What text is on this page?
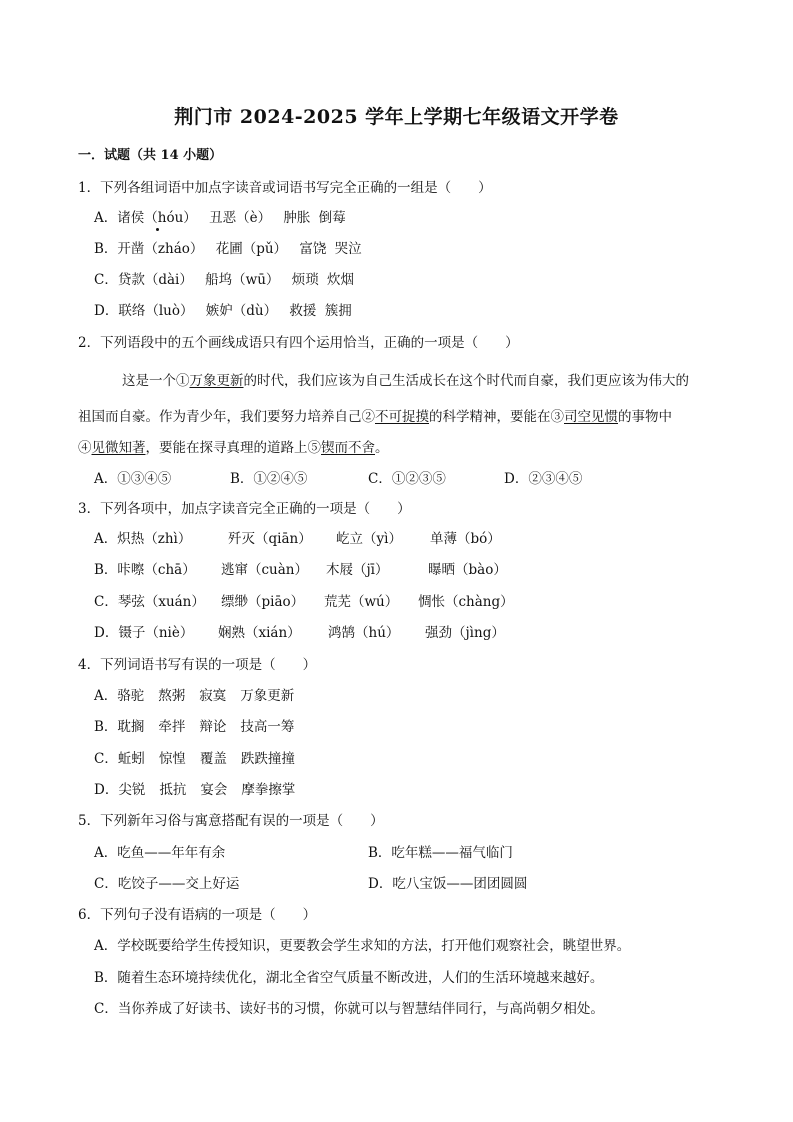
荆门市 2024-2025 学年上学期七年级语文开学卷
一．试题（共 14 小题）
1．下列各组词语中加点字读音或词语书写完全正确的一组是（　　）
A．诸侯（hóu） 丑恶（è） 肿胀 倒莓
B．开凿（zháo） 花圃（pǔ） 富饶 哭泣
C．贷款（dài） 船坞（wū） 烦琐 炊烟
D．联络（luò） 嫉妒（dù） 救援 簇拥
2．下列语段中的五个画线成语只有四个运用恰当，正确的一项是（　　）
这是一个①万象更新的时代，我们应该为自己生活成长在这个时代而自豪，我们更应该为伟大的
祖国而自豪。作为青少年，我们要努力培养自己②不可捉摸的科学精神，要能在③司空见惯的事物中
④见微知著，要能在探寻真理的道路上⑤锲而不舍。
A．①③④⑤	B．①②④⑤	C．①②③⑤	D．②③④⑤
3．下列各项中，加点字读音完全正确的一项是（　　）
A．炽热（zhì）	歼灭（qiān） 屹立（yì） 单薄（bó）
B．咔嚓（chā） 逃窜（cuàn） 木屐（jī）	曝晒（bào）
C．琴弦（xuán） 缥缈（piāo） 荒芜（wú） 惆怅（chàng）
D．镊子（niè） 娴熟（xián） 鸿鹄（hú） 强劲（jìng）
4．下列词语书写有误的一项是（　　）
A．骆驼 熬粥 寂寞 万象更新
B．耽搁 牵拌 辩论 技高一筹
C．蚯蚓 惊惶 覆盖 跌跌撞撞
D．尖锐 抵抗 宴会 摩拳擦掌
5．下列新年习俗与寓意搭配有误的一项是（　　）
A．吃鱼——年年有余	B．吃年糕——福气临门
C．吃饺子——交上好运	D．吃八宝饭——团团圆圆
6．下列句子没有语病的一项是（　　）
A．学校既要给学生传授知识，更要教会学生求知的方法，打开他们观察社会，眺望世界。
B．随着生态环境持续优化，湖北全省空气质量不断改进，人们的生活环境越来越好。
C．当你养成了好读书、读好书的习惯，你就可以与智慧结伴同行，与高尚朝夕相处。
